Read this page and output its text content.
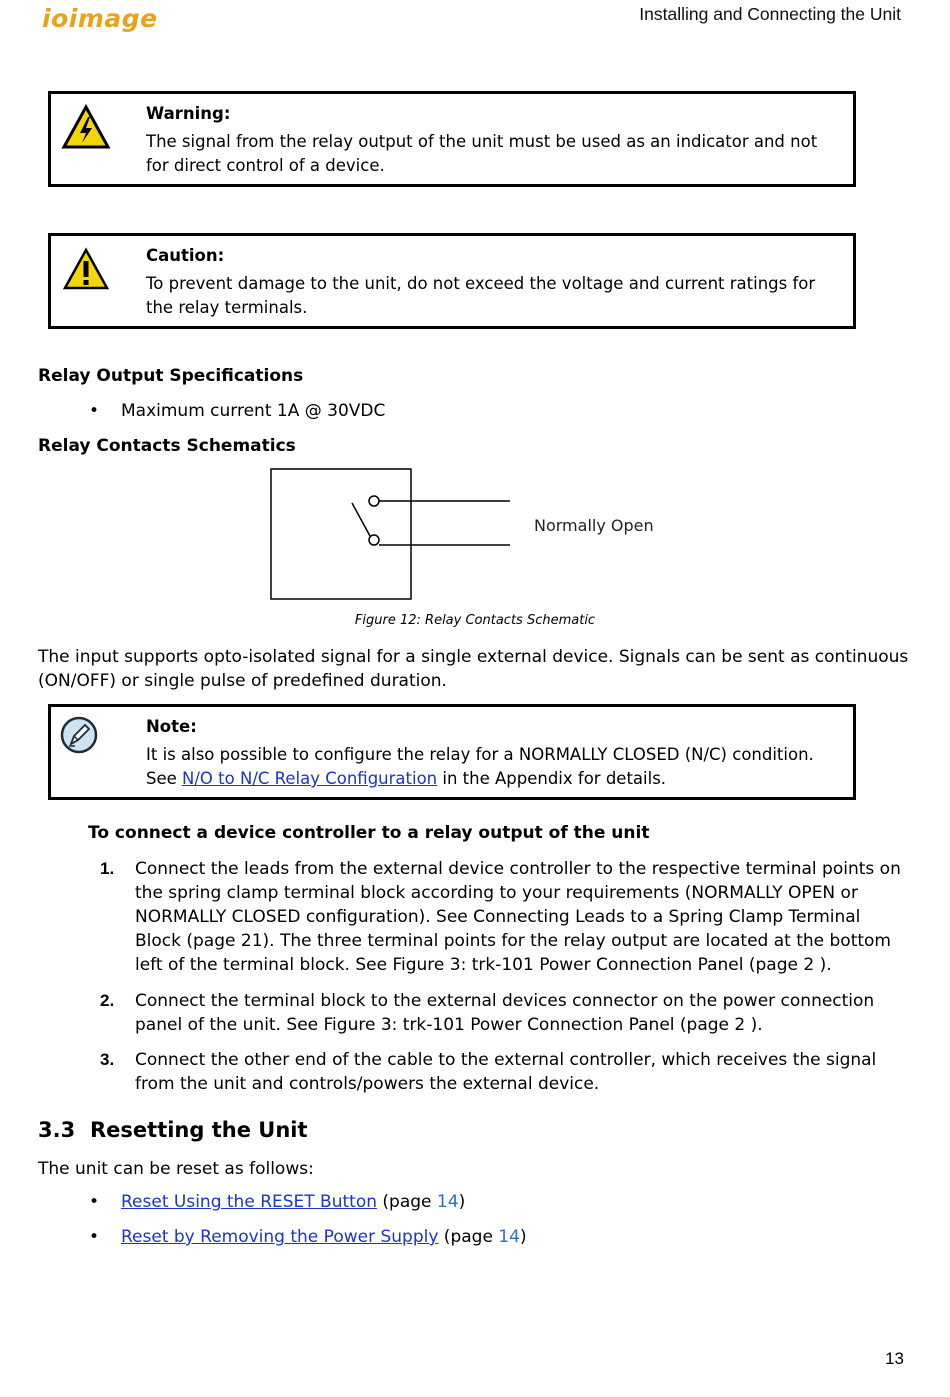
ioimage	Installing and Connecting the Unit
Warning:
The signal from the relay output of the unit must be used as an indicator and not for direct control of a device.
Caution:
To prevent damage to the unit, do not exceed the voltage and current ratings for the relay terminals.
Relay Output Specifications
• Maximum current 1A @ 30VDC
Relay Contacts Schematics
Normally Open
Figure 12: Relay Contacts Schematic
The input supports opto-isolated signal for a single external device. Signals can be sent as continuous (ON/OFF) or single pulse of predefined duration.
Note:
It is also possible to configure the relay for a NORMALLY CLOSED (N/C) condition. See N/O to N/C Relay Configuration in the Appendix for details.
To connect a device controller to a relay output of the unit
1. Connect the leads from the external device controller to the respective terminal points on the spring clamp terminal block according to your requirements (NORMALLY OPEN or NORMALLY CLOSED configuration). See Connecting Leads to a Spring Clamp Terminal Block (page 21). The three terminal points for the relay output are located at the bottom left of the terminal block. See Figure 3: trk-101 Power Connection Panel (page 2 ).
2. Connect the terminal block to the external devices connector on the power connection panel of the unit. See Figure 3: trk-101 Power Connection Panel (page 2 ).
3. Connect the other end of the cable to the external controller, which receives the signal from the unit and controls/powers the external device.
3.3 Resetting the Unit
The unit can be reset as follows:
• Reset Using the RESET Button (page 14)
• Reset by Removing the Power Supply (page 14)
13
